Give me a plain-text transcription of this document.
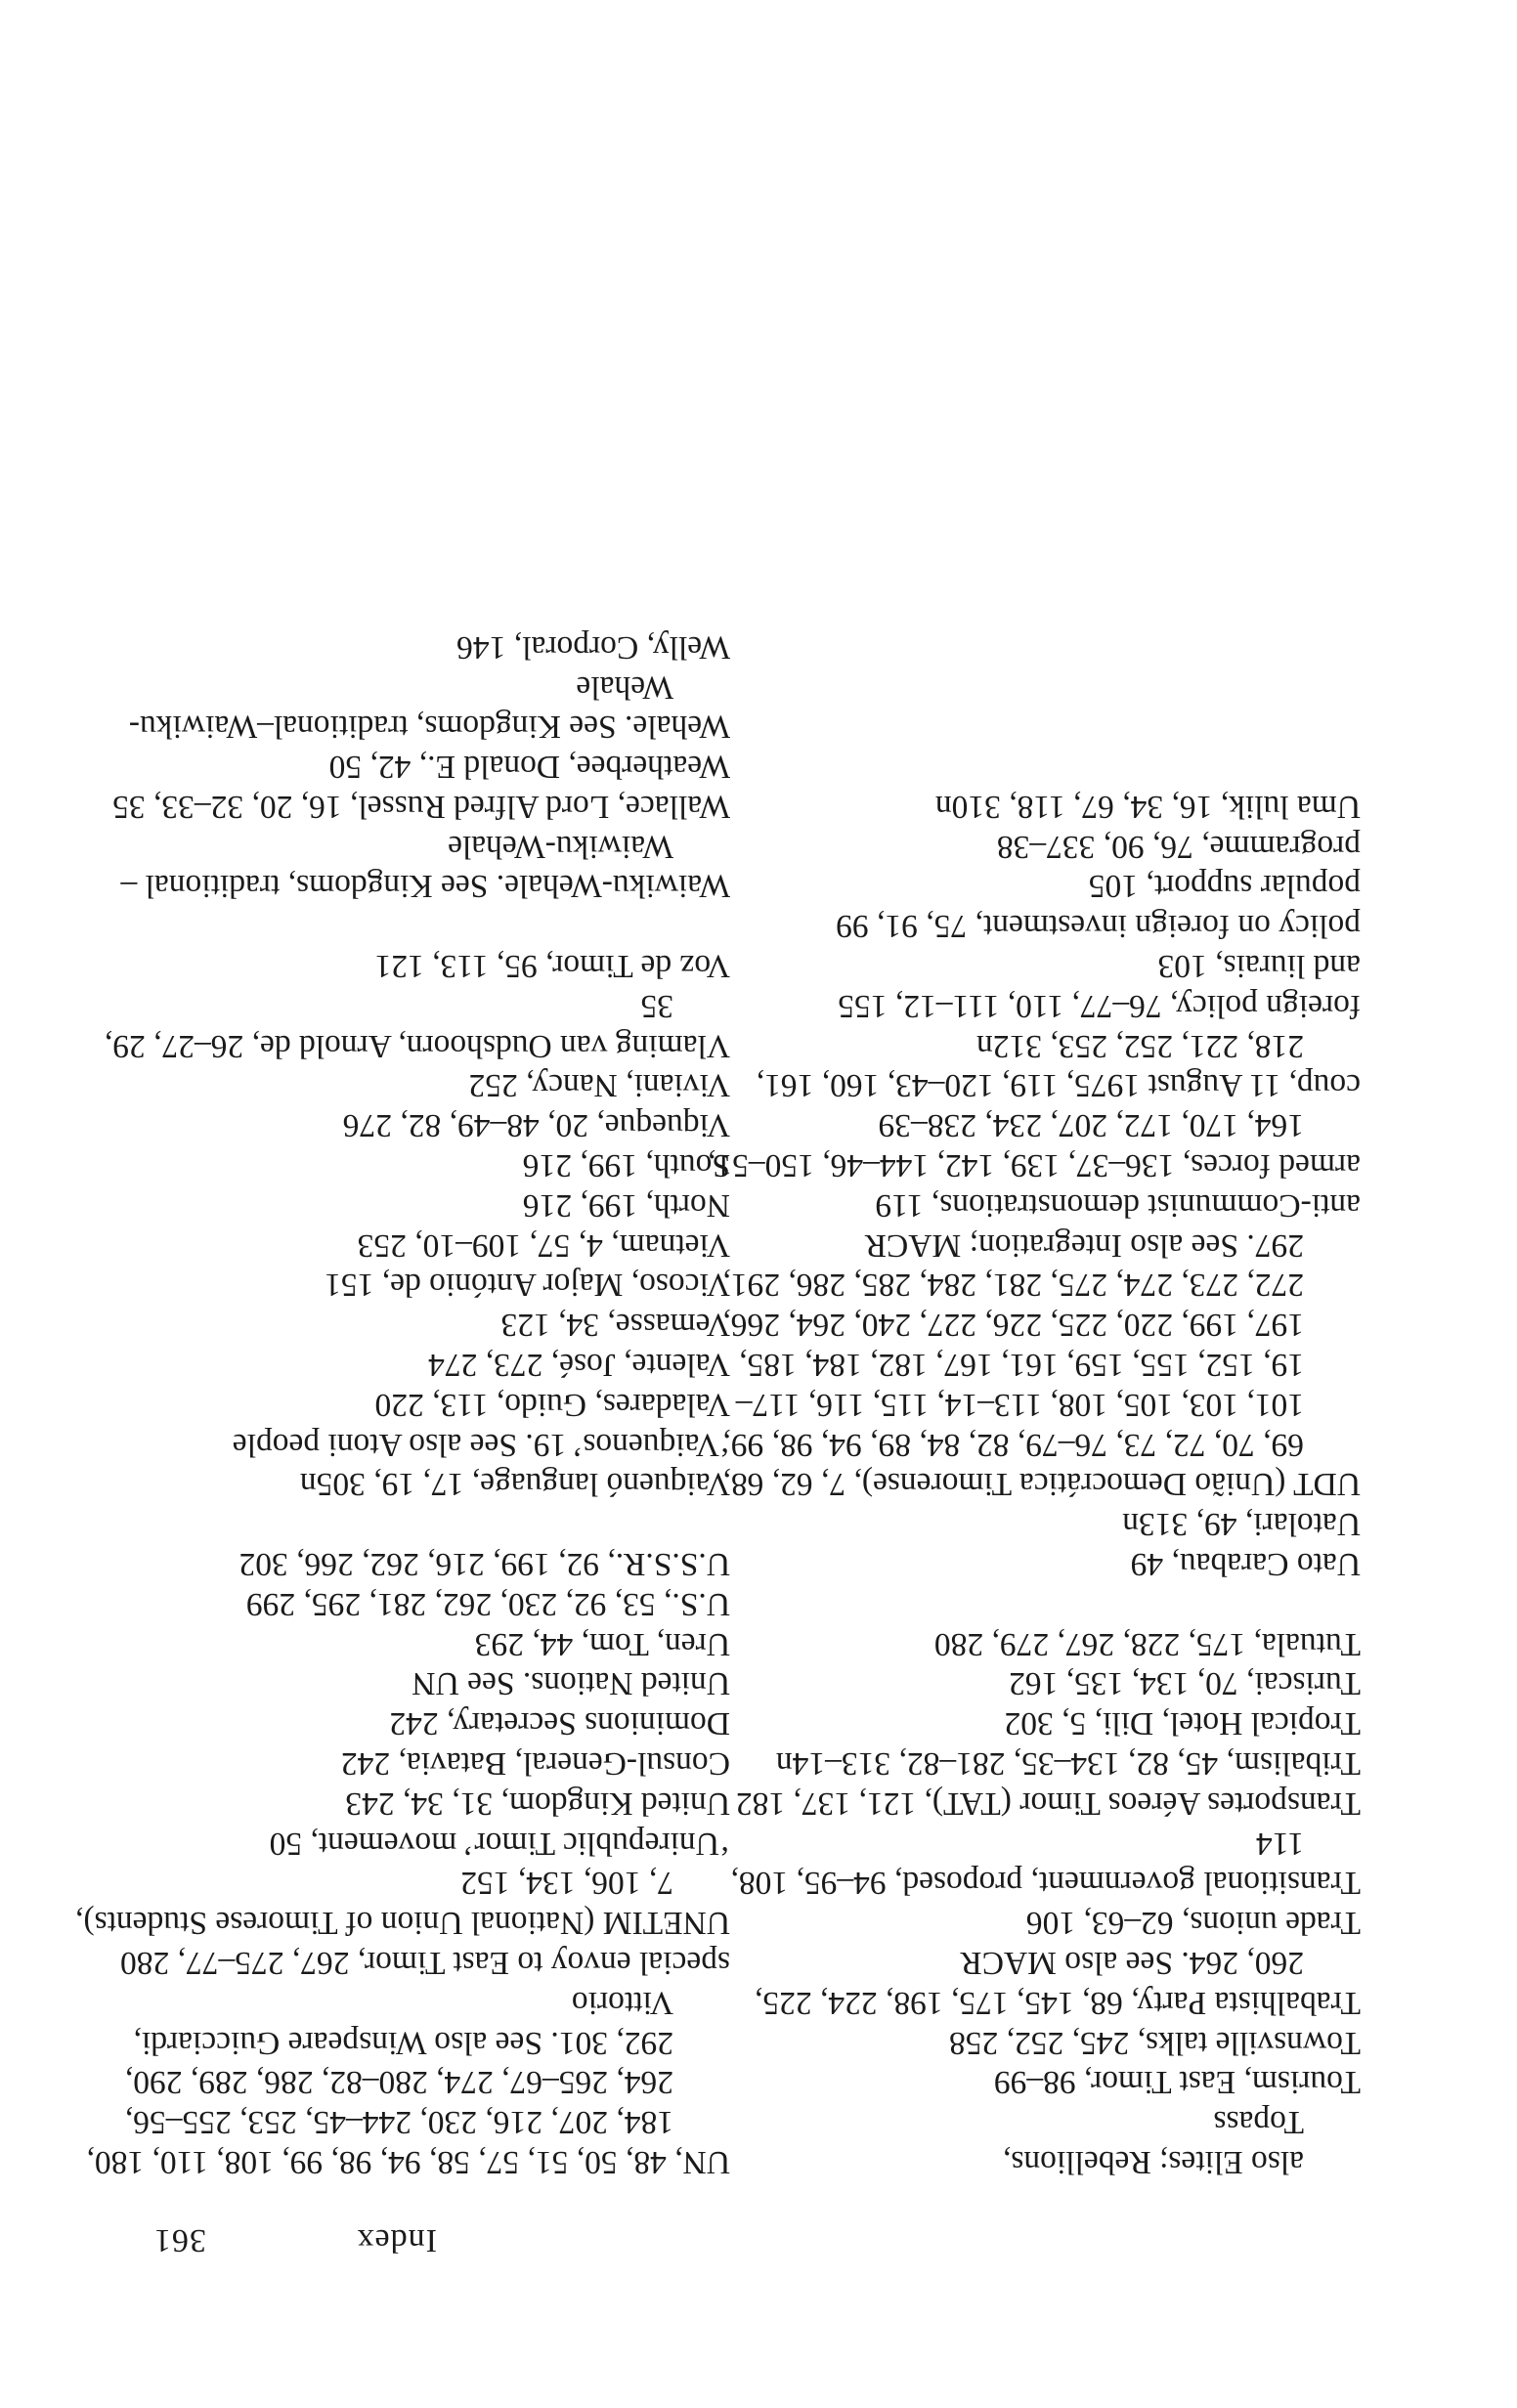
Index
361
also Elites; Rebellions,
Topass
Tourism, East Timor, 98–99
Townsville talks, 245, 252, 258
Trabalhista Party, 68, 145, 175, 198, 224, 225, 260, 264. See also MACR
Trade unions, 62–63, 106
Transitional government, proposed, 94–95, 108, 114
Transportes Aéreos Timor (TAT), 121, 137, 182
Tribalism, 45, 82, 134–35, 281–82, 313–14n
Tropical Hotel, Dili, 5, 302
Turiscai, 70, 134, 135, 162
Tutuala, 175, 228, 267, 279, 280
Uato Carabau, 49
Uatolari, 49, 313n
UDT (União Democrática Timorense), 7, 62, 68, 69, 70, 72, 73, 76–79, 82, 84, 89, 94, 98, 99, 101, 103, 105, 108, 113–14, 115, 116, 117–19, 152, 155, 159, 161, 167, 182, 184, 185, 197, 199, 220, 225, 226, 227, 240, 264, 266, 272, 273, 274, 275, 281, 284, 285, 286, 291, 297. See also Integration; MACR
anti-Communist demonstrations, 119
armed forces, 136–37, 139, 142, 144–46, 150–51, 164, 170, 172, 207, 234, 238–39
coup, 11 August 1975, 119, 120–43, 160, 161, 218, 221, 252, 253, 312n
foreign policy, 76–77, 110, 111–12, 155
and liurais, 103
policy on foreign investment, 75, 91, 99
popular support, 105
programme, 76, 90, 337–38
Uma lulik, 16, 34, 67, 118, 310n
UN, 48, 50, 51, 57, 58, 94, 98, 99, 108, 110, 180, 184, 207, 216, 230, 244–45, 253, 255–56, 264, 265–67, 274, 280–82, 286, 289, 290, 292, 301. See also Winspeare Guicciardi, Vittorio
special envoy to East Timor, 267, 275–77, 280
UNETIM (National Union of Timorese Students), 7, 106, 134, 152
‘Unirepublic Timor’ movement, 50
United Kingdom, 31, 34, 243
Consul-General, Batavia, 242
Dominions Secretary, 242
United Nations. See UN
Uren, Tom, 44, 293
U.S., 53, 92, 230, 262, 281, 295, 299
U.S.S.R., 92, 199, 216, 262, 266, 302
Vaiquenó language, 17, 19, 305n
‘Vaiquenos’ 19. See also Atoni people
Valadares, Guido, 113, 220
Valente, José, 273, 274
Vemasse, 34, 123
Vicoso, Major António de, 151
Vietnam, 4, 57, 109–10, 253
North, 199, 216
South, 199, 216
Viqueque, 20, 48–49, 82, 276
Viviani, Nancy, 252
Vlaming van Oudshoorn, Arnold de, 26–27, 29, 35
Voz de Timor, 95, 113, 121
Waiwiku-Wehale. See Kingdoms, traditional – Waiwiku-Wehale
Wallace, Lord Alfred Russel, 16, 20, 32–33, 35
Weatherbee, Donald E., 42, 50
Wehale. See Kingdoms, traditional–Waiwiku-Wehale
Welly, Corporal, 146
